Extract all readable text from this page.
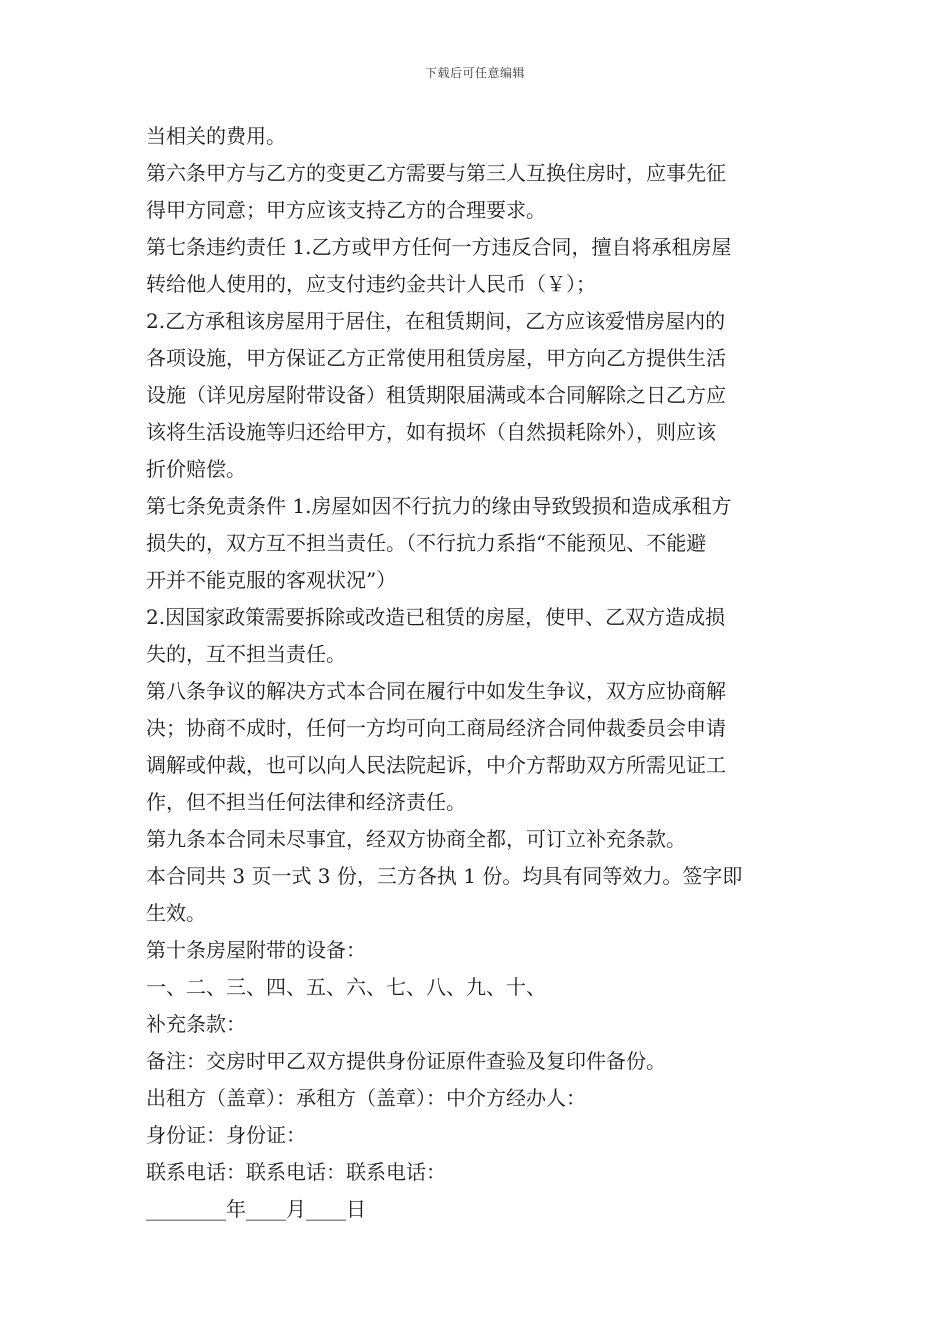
下载后可任意编辑
当相关的费用。
第六条甲方与乙方的变更乙方需要与第三人互换住房时，应事先征
得甲方同意；甲方应该支持乙方的合理要求。
第七条违约责任 1.乙方或甲方任何一方违反合同，擅自将承租房屋
转给他人使用的，应支付违约金共计人民币（￥）；
2.乙方承租该房屋用于居住，在租赁期间，乙方应该爱惜房屋内的
各项设施，甲方保证乙方正常使用租赁房屋，甲方向乙方提供生活
设施（详见房屋附带设备）租赁期限届满或本合同解除之日乙方应
该将生活设施等归还给甲方，如有损坏（自然损耗除外），则应该
折价赔偿。
第七条免责条件 1.房屋如因不行抗力的缘由导致毁损和造成承租方
损失的，双方互不担当责任。（不行抗力系指“不能预见、不能避
开并不能克服的客观状况”）
2.因国家政策需要拆除或改造已租赁的房屋，使甲、乙双方造成损
失的，互不担当责任。
第八条争议的解决方式本合同在履行中如发生争议，双方应协商解
决；协商不成时，任何一方均可向工商局经济合同仲裁委员会申请
调解或仲裁，也可以向人民法院起诉，中介方帮助双方所需见证工
作，但不担当任何法律和经济责任。
第九条本合同未尽事宜，经双方协商全都，可订立补充条款。
本合同共 3 页一式 3 份，三方各执 1 份。均具有同等效力。签字即
生效。
第十条房屋附带的设备：
一、二、三、四、五、六、七、八、九、十、
补充条款：
备注：交房时甲乙双方提供身份证原件查验及复印件备份。
出租方（盖章）：承租方（盖章）：中介方经办人：
身份证：身份证：
联系电话：联系电话：联系电话：
________年____月____日
